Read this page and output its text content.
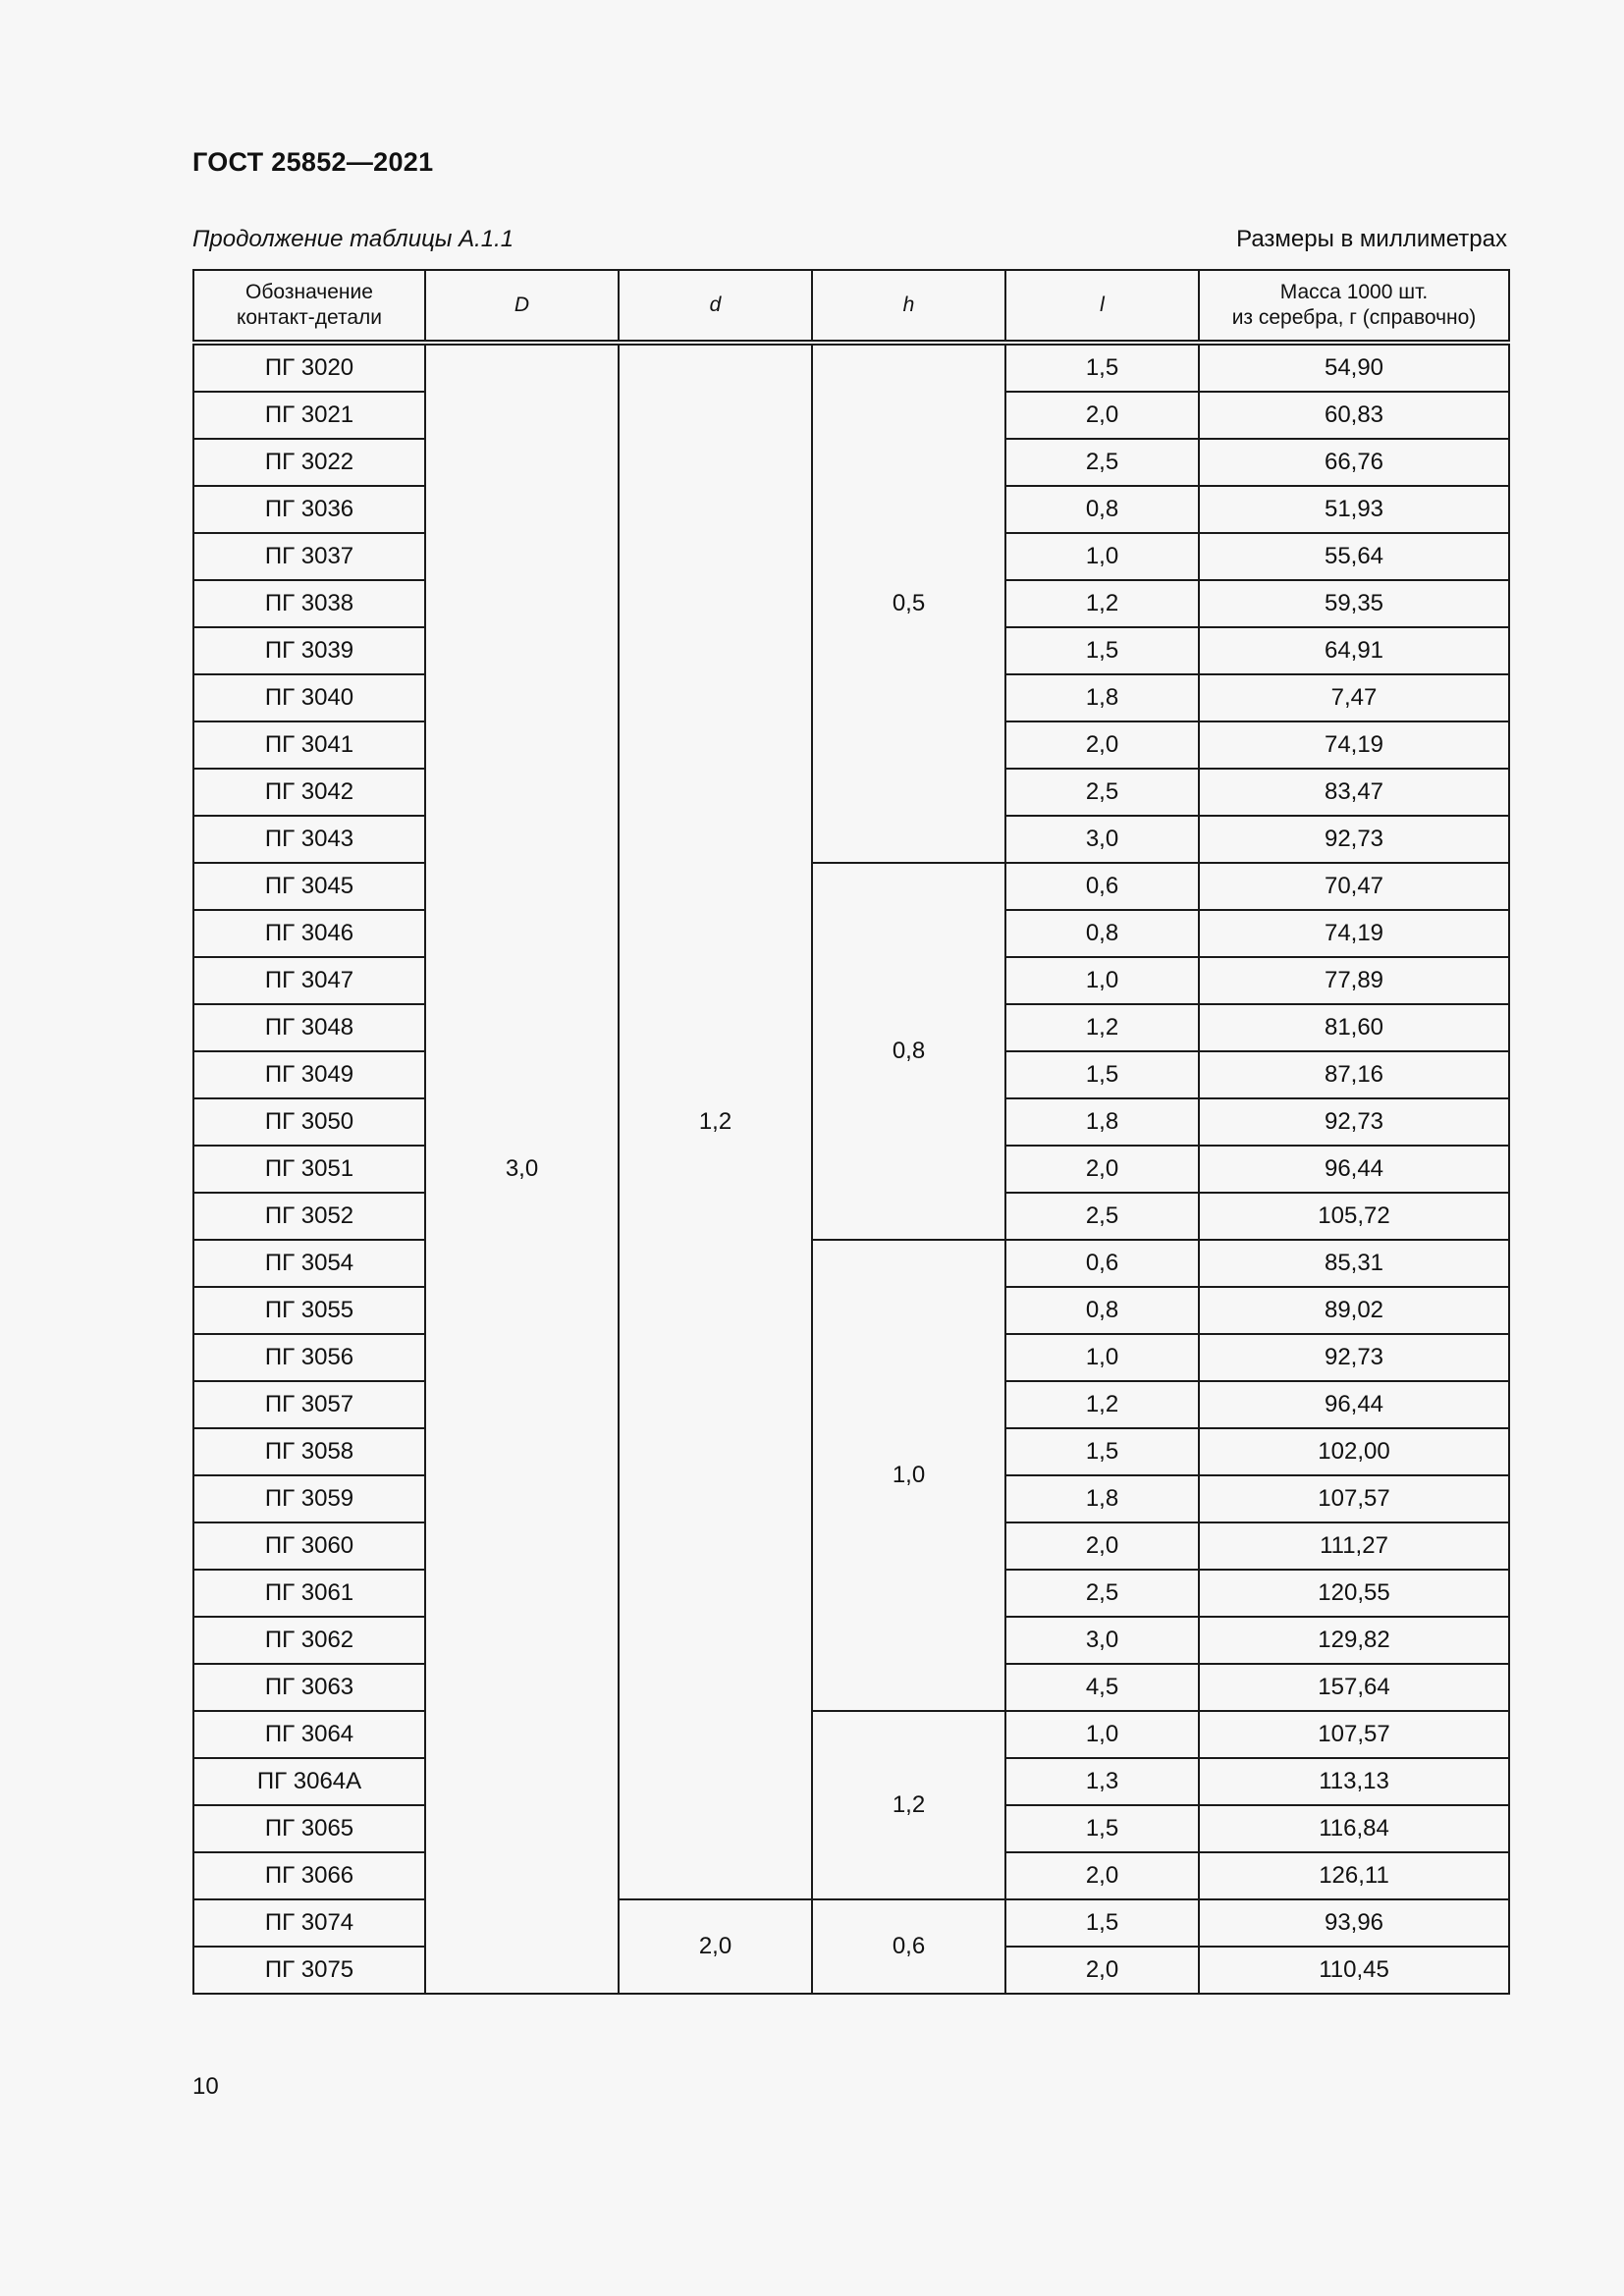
ГОСТ 25852—2021
Продолжение таблицы А.1.1	Размеры в миллиметрах
Обозначение
контакт-детали	D	d	h	l	Масса 1000 шт.
из серебра, г (справочно)
ПГ 3020	3,0	1,2	0,5	1,5	54,90
ПГ 3021				2,0	60,83
ПГ 3022				2,5	66,76
ПГ 3036				0,8	51,93
ПГ 3037				1,0	55,64
ПГ 3038				1,2	59,35
ПГ 3039				1,5	64,91
ПГ 3040				1,8	7,47
ПГ 3041				2,0	74,19
ПГ 3042				2,5	83,47
ПГ 3043				3,0	92,73
ПГ 3045			0,8	0,6	70,47
ПГ 3046				0,8	74,19
ПГ 3047				1,0	77,89
ПГ 3048				1,2	81,60
ПГ 3049				1,5	87,16
ПГ 3050				1,8	92,73
ПГ 3051				2,0	96,44
ПГ 3052				2,5	105,72
ПГ 3054			1,0	0,6	85,31
ПГ 3055				0,8	89,02
ПГ 3056				1,0	92,73
ПГ 3057				1,2	96,44
ПГ 3058				1,5	102,00
ПГ 3059				1,8	107,57
ПГ 3060				2,0	111,27
ПГ 3061				2,5	120,55
ПГ 3062				3,0	129,82
ПГ 3063				4,5	157,64
ПГ 3064			1,2	1,0	107,57
ПГ 3064А				1,3	113,13
ПГ 3065				1,5	116,84
ПГ 3066				2,0	126,11
ПГ 3074		2,0	0,6	1,5	93,96
ПГ 3075				2,0	110,45
10
